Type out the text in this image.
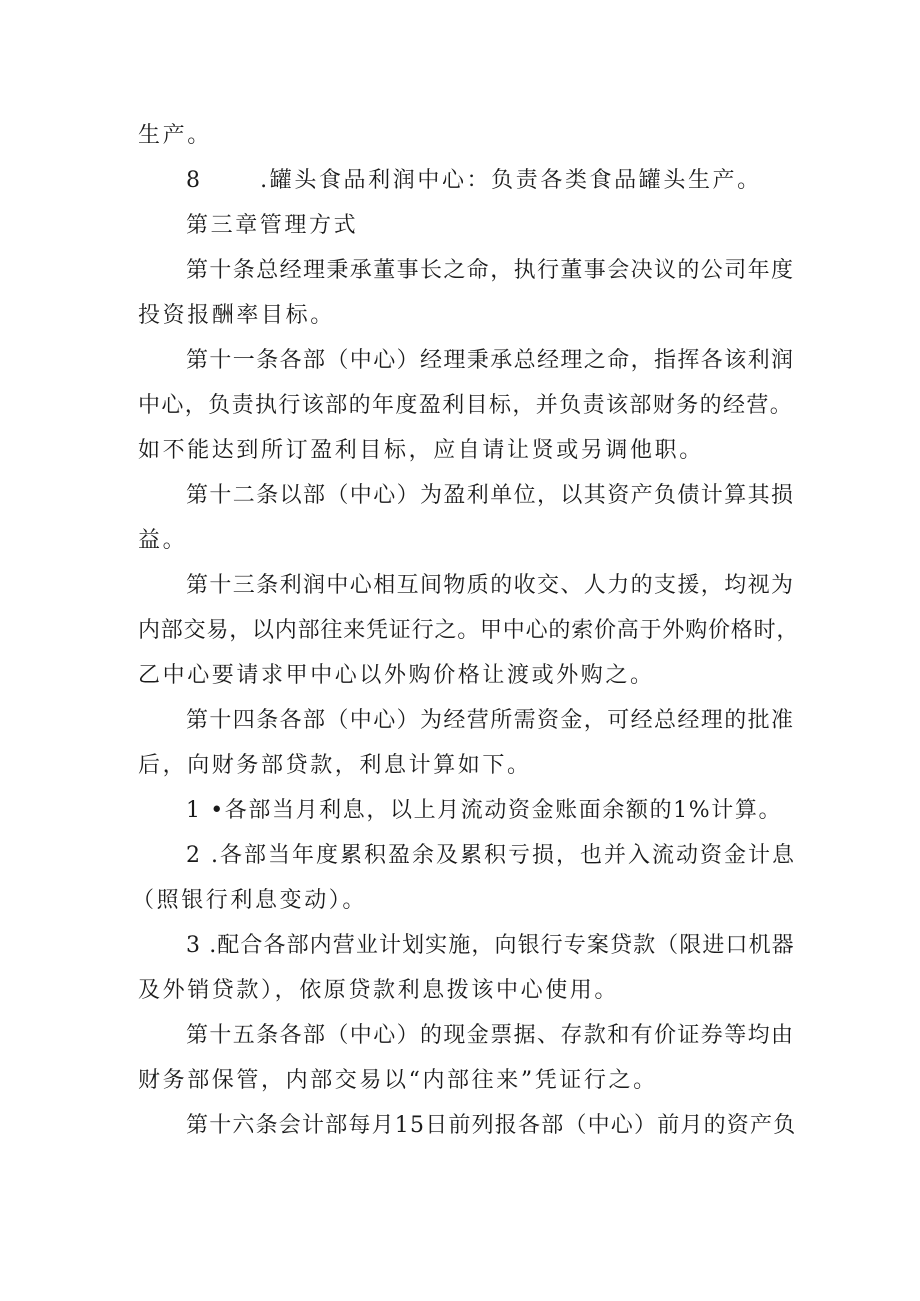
生产。
8      .罐头食品利润中心：负责各类食品罐头生产。
第三章管理方式
第十条总经理秉承董事长之命，执行董事会决议的公司年度
投资报酬率目标。
第十一条各部（中心）经理秉承总经理之命，指挥各该利润
中心，负责执行该部的年度盈利目标，并负责该部财务的经营。
如不能达到所订盈利目标，应自请让贤或另调他职。
第十二条以部（中心）为盈利单位，以其资产负债计算其损
益。
第十三条利润中心相互间物质的收交、人力的支援，均视为
内部交易，以内部往来凭证行之。甲中心的索价高于外购价格时，
乙中心要请求甲中心以外购价格让渡或外购之。
第十四条各部（中心）为经营所需资金，可经总经理的批准
后，向财务部贷款，利息计算如下。
1 •各部当月利息，以上月流动资金账面余额的1%计算。
2 .各部当年度累积盈余及累积亏损，也并入流动资金计息
（照银行利息变动）。
3 .配合各部内营业计划实施，向银行专案贷款（限进口机器
及外销贷款），依原贷款利息拨该中心使用。
第十五条各部（中心）的现金票据、存款和有价证券等均由
财务部保管，内部交易以“内部往来”凭证行之。
第十六条会计部每月15日前列报各部（中心）前月的资产负
